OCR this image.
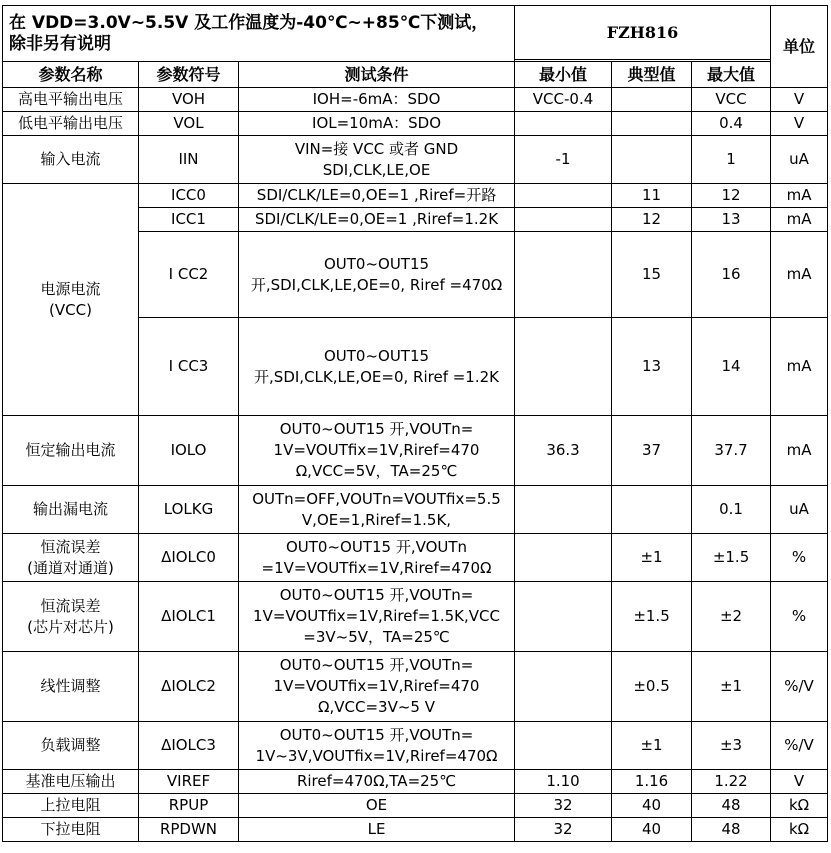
在 VDD=3.0V~5.5V 及工作温度为-40℃~+85℃下测试，
除非另有说明			FZH816			单位

参数名称	参数符号	测试条件	最小值	典型值	最大值	
高电平输出电压	VOH	IOH=-6mA：SDO	VCC-0.4		VCC	V
低电平输出电压	VOL	IOL=10mA：SDO			0.4	V
输入电流	IIN	VIN=接 VCC 或者 GND
SDI,CLK,LE,OE	-1		1	uA

电源电流
(VCC)	ICC0	SDI/CLK/LE=0,OE=1 ,Riref=开路		11	12	mA
	ICC1	SDI/CLK/LE=0,OE=1 ,Riref=1.2K		12	13	mA
	I CC2	OUT0~OUT15
开,SDI,CLK,LE,OE=0, Riref =470Ω		15	16	mA
	I CC3	OUT0~OUT15
开,SDI,CLK,LE,OE=0, Riref =1.2K		13	14	mA
恒定输出电流	IOLO	OUT0~OUT15 开,VOUTn=
1V=VOUTfix=1V,Riref=470
Ω,VCC=5V，TA=25℃	36.3	37	37.7	mA
输出漏电流	LOLKG	OUTn=OFF,VOUTn=VOUTfix=5.5
V,OE=1,Riref=1.5K,			0.1	uA

恒流误差
(通道对通道)	ΔIOLC0	OUT0~OUT15 开,VOUTn
=1V=VOUTfix=1V,Riref=470Ω		±1	±1.5	%

恒流误差
(芯片对芯片)	ΔIOLC1	OUT0~OUT15 开,VOUTn=
1V=VOUTfix=1V,Riref=1.5K,VCC
=3V~5V，TA=25℃		±1.5	±2	%
线性调整	ΔIOLC2	OUT0~OUT15 开,VOUTn=
1V=VOUTfix=1V,Riref=470
Ω,VCC=3V~5 V		±0.5	±1	%/V
负载调整	ΔIOLC3	OUT0~OUT15 开,VOUTn=
1V~3V,VOUTfix=1V,Riref=470Ω		±1	±3	%/V
基准电压输出	VIREF	Riref=470Ω,TA=25℃	1.10	1.16	1.22	V
上拉电阻	RPUP	OE	32	40	48	kΩ
下拉电阻	RPDWN	LE	32	40	48	kΩ
